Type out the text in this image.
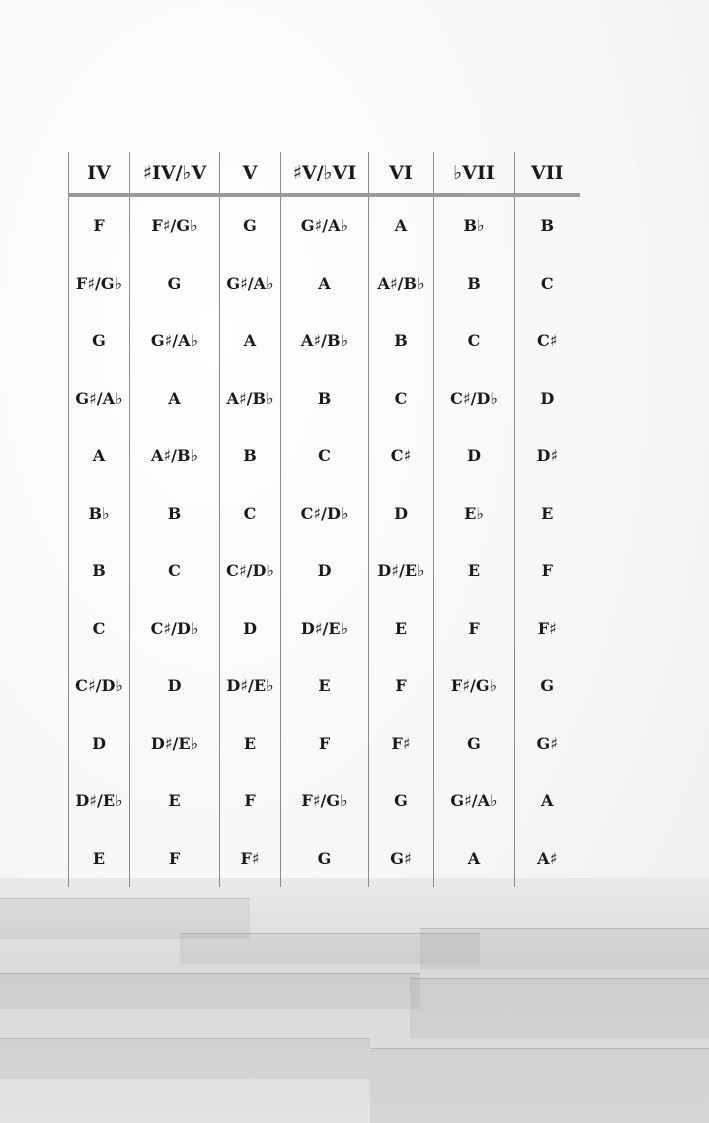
IV	♯IV/♭V	V	♯V/♭VI	VI	♭VII	VII
F	F♯/G♭	G	G♯/A♭	A	B♭	B
F♯/G♭	G	G♯/A♭	A	A♯/B♭	B	C
G	G♯/A♭	A	A♯/B♭	B	C	C♯
G♯/A♭	A	A♯/B♭	B	C	C♯/D♭	D
A	A♯/B♭	B	C	C♯	D	D♯
B♭	B	C	C♯/D♭	D	E♭	E
B	C	C♯/D♭	D	D♯/E♭	E	F
C	C♯/D♭	D	D♯/E♭	E	F	F♯
C♯/D♭	D	D♯/E♭	E	F	F♯/G♭	G
D	D♯/E♭	E	F	F♯	G	G♯
D♯/E♭	E	F	F♯/G♭	G	G♯/A♭	A
E	F	F♯	G	G♯	A	A♯
